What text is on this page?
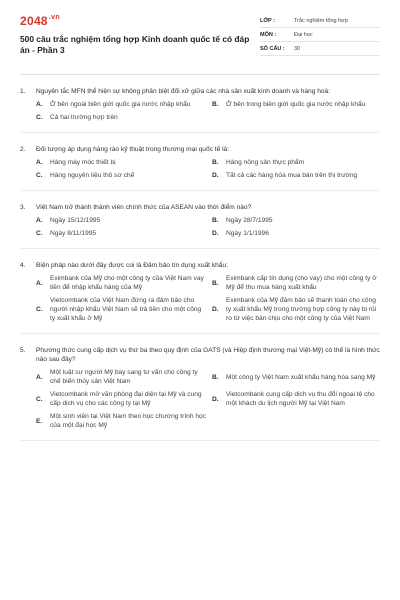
$2048^{.vn}$
500 câu trắc nghiệm tổng hợp Kinh doanh quốc tế có đáp án - Phần 3
LỚP :	Trắc nghiệm tổng hợp
MÔN :	Đại học
SỐ CÂU :	30
1.	Nguyên tắc MFN thể hiện sự không phân biệt đối xử giữa các nhà sản xuất kinh doanh và hàng hoá:
A.	Ở bên ngoài biên giới quốc gia nước nhập khẩu	B.	Ở bên trong biên giới quốc gia nước nhập khẩu
C.	Cả hai trường hợp trên
2.	Đối tượng áp dụng hàng rào kỹ thuật trong thương mại quốc tế là:
A.	Hàng máy móc thiết bị	B.	Hàng nông sản thực phẩm
C.	Hàng nguyên liệu thô sơ chế	D.	Tất cả các hàng hóa mua bán trên thị trường
3.	Việt Nam trở thành thành viên chính thức của ASEAN vào thời điểm nào?
A.	Ngày 15/12/1995	B.	Ngày 28/7/1995
C.	Ngày 8/11/1995	D.	Ngày 1/1/1996
4.	Biện pháp nào dưới đây được coi là Đảm bảo tín dụng xuất khẩu:
A.
Eximbank của Mỹ cho một công ty của Việt Nam vay tiền để nhập khẩu hàng của Mỹ
B.
Eximbank cấp tín dụng (cho vay) cho một công ty ở Mỹ để thu mua hàng xuất khẩu
C.
Vietcombank của Việt Nam đứng ra đảm bảo cho người nhập khẩu Việt Nam sẽ trả tiền cho một công ty xuất khẩu ở Mỹ
D.
Eximbank của Mỹ đảm bảo sẽ thanh toán cho công ty xuất khẩu Mỹ trong trường hợp công ty này bị rủi ro từ việc bán chịu cho một công ty của Việt Nam
5.	Phương thức cung cấp dịch vụ thứ ba theo quy định của GATS (và Hiệp định thương mại Việt-Mỹ) có thể là hình thức nào sau đây?
A.
Một luật sư người Mỹ bay sang tư vấn cho công ty chế biến thủy sản Việt Nam
B.	Một công ty Việt Nam xuất khẩu hàng hóa sang Mỹ
C.
Vietcombank mở văn phòng đại diện tại Mỹ và cung cấp dịch vụ cho các công ty tại Mỹ
D.
Vietcombank cung cấp dịch vụ thu đổi ngoại tệ cho một khách du lịch người Mỹ tại Việt Nam
E.
Một sinh viên tại Việt Nam theo học chương trình học của một đại học Mỹ
